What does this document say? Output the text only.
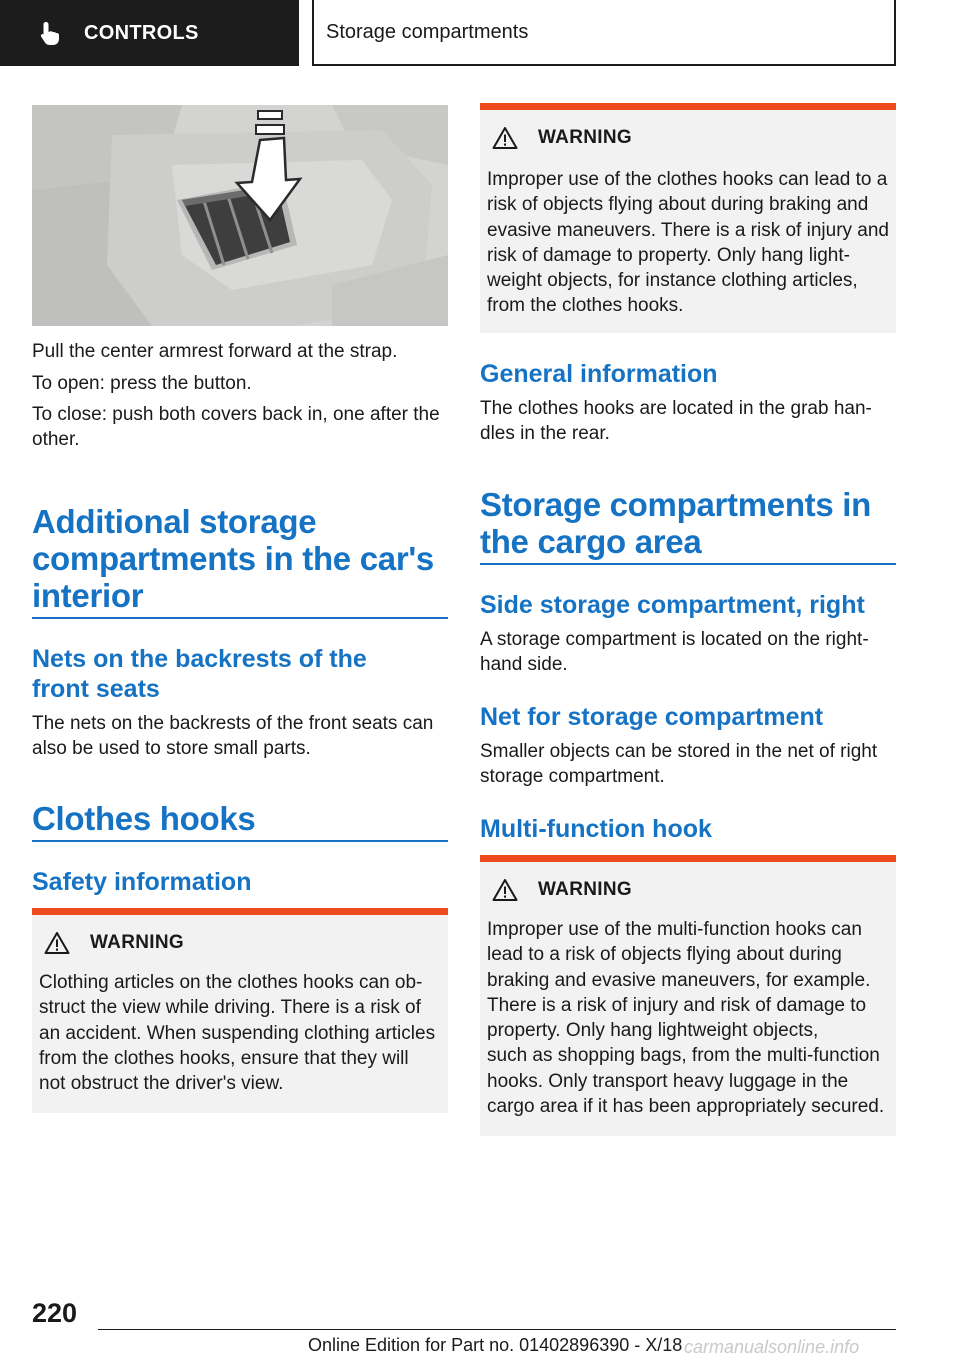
CONTROLS	Storage compartments
Pull the center armrest forward at the strap.
To open: press the button.
To close: push both covers back in, one after the
other.
Additional storage
compartments in the car's
interior
Nets on the backrests of the
front seats
The nets on the backrests of the front seats can
also be used to store small parts.
Clothes hooks
Safety information
WARNING
Clothing articles on the clothes hooks can ob‐
struct the view while driving. There is a risk of
an accident. When suspending clothing articles
from the clothes hooks, ensure that they will
not obstruct the driver's view.
WARNING
Improper use of the clothes hooks can lead to a
risk of objects flying about during braking and
evasive maneuvers. There is a risk of injury and
risk of damage to property. Only hang light‐
weight objects, for instance clothing articles,
from the clothes hooks.
General information
The clothes hooks are located in the grab han‐
dles in the rear.
Storage compartments in
the cargo area
Side storage compartment, right
A storage compartment is located on the right-
hand side.
Net for storage compartment
Smaller objects can be stored in the net of right
storage compartment.
Multi-function hook
WARNING
Improper use of the multi-function hooks can
lead to a risk of objects flying about during
braking and evasive maneuvers, for example.
There is a risk of injury and risk of damage to
property. Only hang lightweight objects,
such as shopping bags, from the multi-function
hooks. Only transport heavy luggage in the
cargo area if it has been appropriately secured.
220
Online Edition for Part no. 01402896390 - X/18 carmanualsonline.info
